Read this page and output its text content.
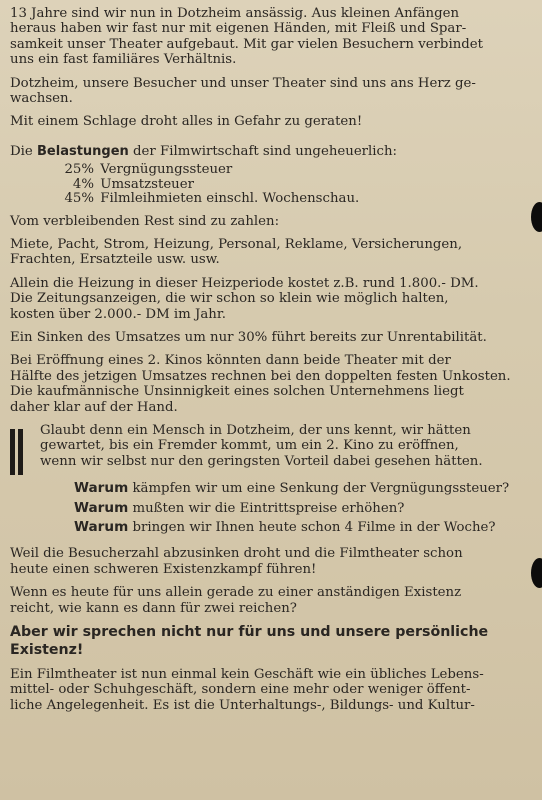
13 Jahre sind wir nun in Dotzheim ansässig. Aus kleinen Anfängen
heraus haben wir fast nur mit eigenen Händen, mit Fleiß und Spar-
samkeit unser Theater aufgebaut. Mit gar vielen Besuchern verbindet
uns ein fast familiäres Verhältnis.

Dotzheim, unsere Besucher und unser Theater sind uns ans Herz ge-
wachsen.

Mit einem Schlage droht alles in Gefahr zu geraten!

Die Belastungen der Filmwirtschaft sind ungeheuerlich:

25% Vergnügungssteuer
4% Umsatzsteuer
45% Filmleihmieten einschl. Wochenschau.

Vom verbleibenden Rest sind zu zahlen:

Miete, Pacht, Strom, Heizung, Personal, Reklame, Versicherungen,
Frachten, Ersatzteile usw. usw.

Allein die Heizung in dieser Heizperiode kostet z.B. rund 1.800.- DM.
Die Zeitungsanzeigen, die wir schon so klein wie möglich halten,
kosten über 2.000.- DM im Jahr.

Ein Sinken des Umsatzes um nur 30% führt bereits zur Unrentabilität.

Bei Eröffnung eines 2. Kinos könnten dann beide Theater mit der
Hälfte des jetzigen Umsatzes rechnen bei den doppelten festen Unkosten.
Die kaufmännische Unsinnigkeit eines solchen Unternehmens liegt
daher klar auf der Hand.

Glaubt denn ein Mensch in Dotzheim, der uns kennt, wir hätten
gewartet, bis ein Fremder kommt, um ein 2. Kino zu eröffnen,
wenn wir selbst nur den geringsten Vorteil dabei gesehen hätten.

Warum kämpfen wir um eine Senkung der Vergnügungssteuer?
Warum mußten wir die Eintrittspreise erhöhen?
Warum bringen wir Ihnen heute schon 4 Filme in der Woche?

Weil die Besucherzahl abzusinken droht und die Filmtheater schon
heute einen schweren Existenzkampf führen!

Wenn es heute für uns allein gerade zu einer anständigen Existenz
reicht, wie kann es dann für zwei reichen?

Aber wir sprechen nicht nur für uns und unsere persönliche
Existenz!

Ein Filmtheater ist nun einmal kein Geschäft wie ein übliches Lebens-
mittel- oder Schuhgeschäft, sondern eine mehr oder weniger öffent-
liche Angelegenheit. Es ist die Unterhaltungs-, Bildungs- und Kultur-
